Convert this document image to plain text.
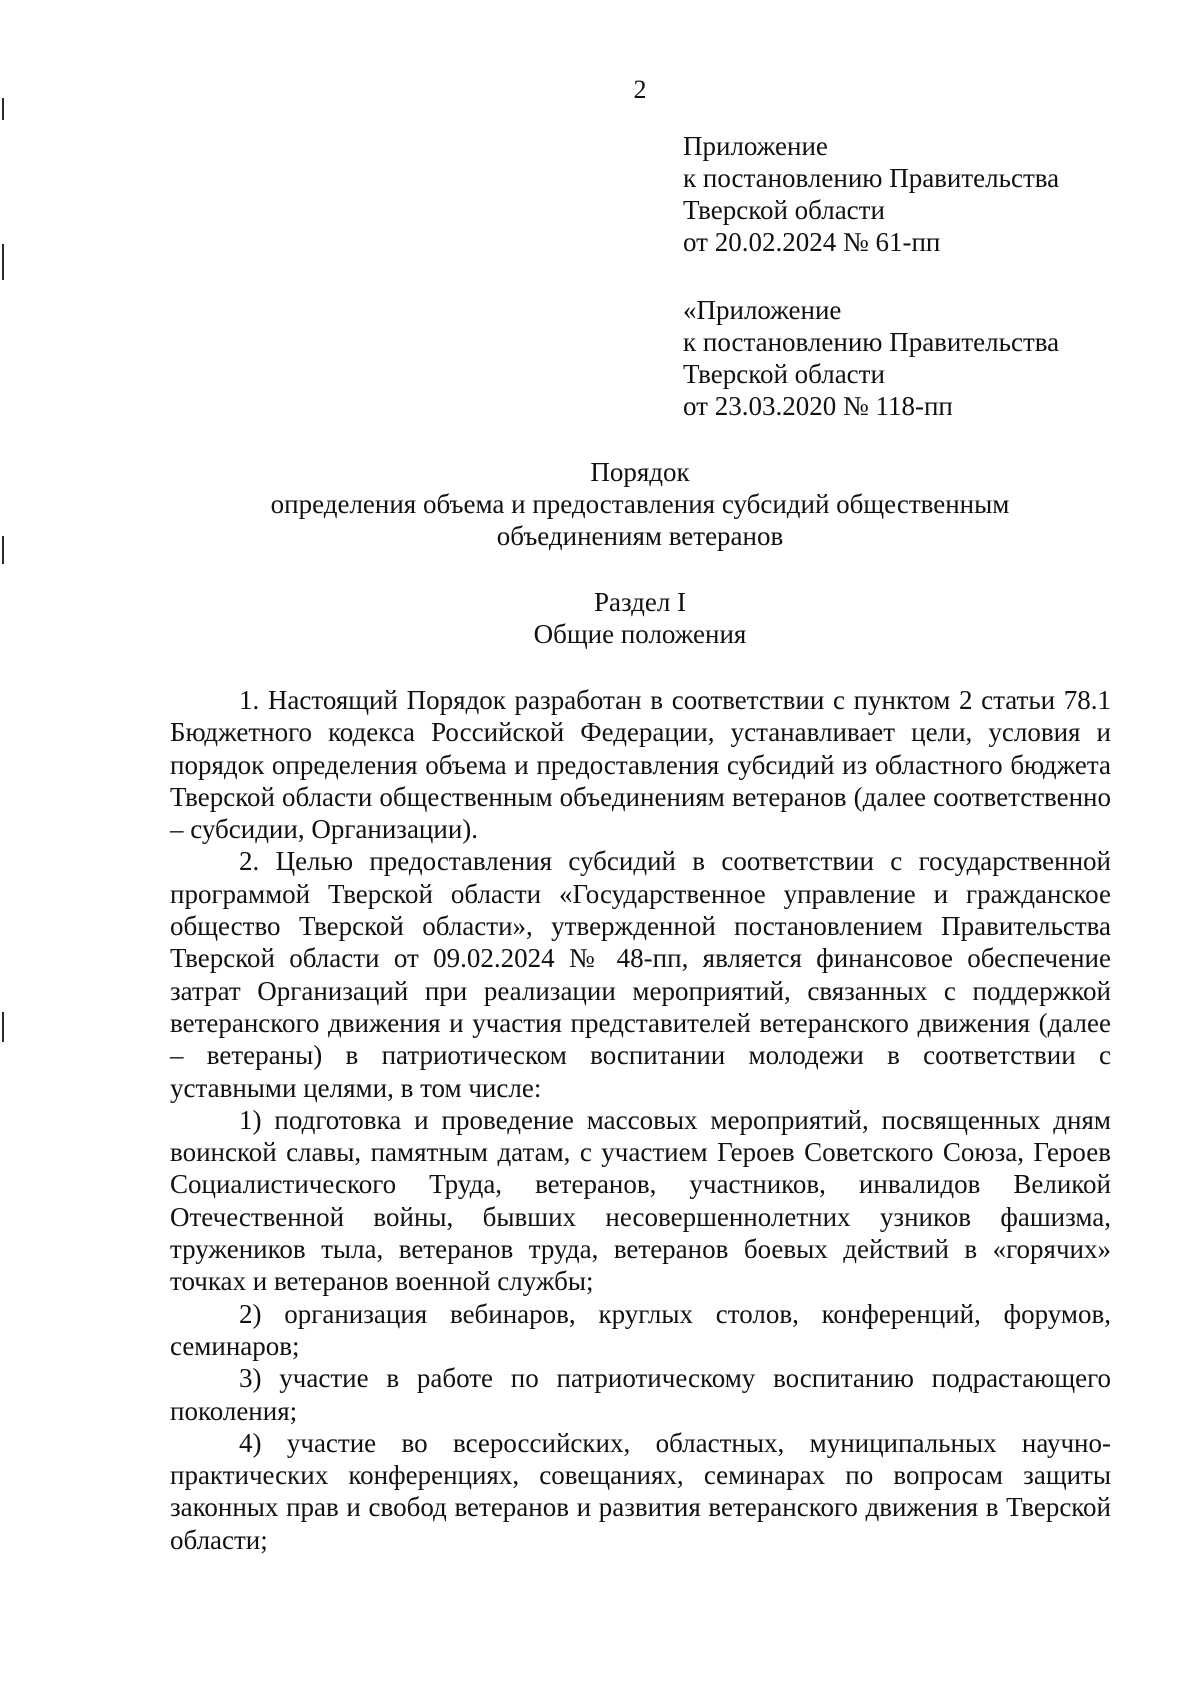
2
Приложение
к постановлению Правительства
Тверской области
от 20.02.2024 № 61-пп
«Приложение
к постановлению Правительства
Тверской области
от 23.03.2020 № 118-пп
Порядок
определения объема и предоставления субсидий общественным
объединениям ветеранов
Раздел I
Общие положения

1. Настоящий Порядок разработан в соответствии с пунктом 2 статьи 78.1 Бюджетного кодекса Российской Федерации, устанавливает цели, условия и порядок определения объема и предоставления субсидий из областного бюджета Тверской области общественным объединениям ветеранов (далее соответственно – субсидии, Организации).

2. Целью предоставления субсидий в соответствии с государственной программой Тверской области «Государственное управление и гражданское общество Тверской области», утвержденной постановлением Правительства Тверской области от 09.02.2024 № 48-пп, является финансовое обеспечение затрат Организаций при реализации мероприятий, связанных с поддержкой ветеранского движения и участия представителей ветеранского движения (далее – ветераны) в патриотическом воспитании молодежи в соответствии с уставными целями, в том числе:

1) подготовка и проведение массовых мероприятий, посвященных дням воинской славы, памятным датам, с участием Героев Советского Союза, Героев Социалистического Труда, ветеранов, участников, инвалидов Великой Отечественной войны, бывших несовершеннолетних узников фашизма, тружеников тыла, ветеранов труда, ветеранов боевых действий в «горячих» точках и ветеранов военной службы;

2) организация вебинаров, круглых столов, конференций, форумов, семинаров;

3) участие в работе по патриотическому воспитанию подрастающего поколения;

4) участие во всероссийских, областных, муниципальных научно-практических конференциях, совещаниях, семинарах по вопросам защиты законных прав и свобод ветеранов и развития ветеранского движения в Тверской области;
